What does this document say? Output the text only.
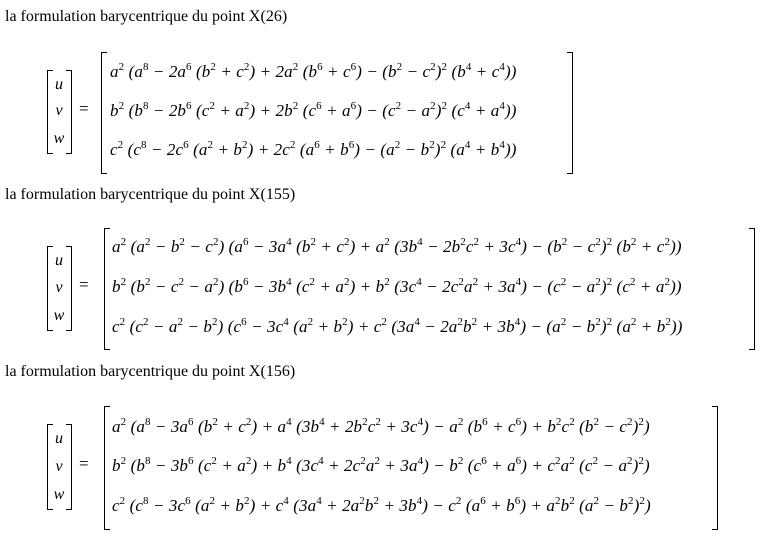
la formulation barycentrique du point X(26)
u
v
w
=
$a^2$ ($a^8 - 2a^6$ $(b^2 + c^2) + 2a^2$ $(b^6 + c^6) - (b^2 - c^2)^2$ $(b^4 + c^4)$)
$b^2$ ($b^8 - 2b^6$ $(c^2 + a^2) + 2b^2$ $(c^6 + a^6) - (c^2 - a^2)^2$ $(c^4 + a^4)$)
$c^2$ ($c^8 - 2c^6$ $(a^2 + b^2) + 2c^2$ $(a^6 + b^6) - (a^2 - b^2)^2$ $(a^4 + b^4)$)
la formulation barycentrique du point X(155)
u
v
w
=
$a^2$ $(a^2 - b^2 - c^2) (a^6 - 3a^4$ $(b^2 + c^2) + a^2$ $(3b^4 - 2b^2c^2 + 3c^4) - (b^2 - c^2)^2$ $(b^2 + c^2)$)
$b^2$ $(b^2 - c^2 - a^2) (b^6 - 3b^4$ $(c^2 + a^2) + b^2$ $(3c^4 - 2c^2a^2 + 3a^4) - (c^2 - a^2)^2$ $(c^2 + a^2)$)
$c^2$ $(c^2 - a^2 - b^2) (c^6 - 3c^4$ $(a^2 + b^2) + c^2$ $(3a^4 - 2a^2b^2 + 3b^4) - (a^2 - b^2)^2$ $(a^2 + b^2)$)
la formulation barycentrique du point X(156)
u
v
w
=
$a^2$ ($a^8 - 3a^6$ $(b^2 + c^2) + a^4$ $(3b^4 + 2b^2c^2 + 3c^4) - a^2$ $(b^6 + c^6) + b^2c^2$ $(b^2 - c^2)^2$)
$b^2$ ($b^8 - 3b^6$ $(c^2 + a^2) + b^4$ $(3c^4 + 2c^2a^2 + 3a^4) - b^2$ $(c^6 + a^6) + c^2a^2$ $(c^2 - a^2)^2$)
$c^2$ ($c^8 - 3c^6$ $(a^2 + b^2) + c^4$ $(3a^4 + 2a^2b^2 + 3b^4) - c^2$ $(a^6 + b^6) + a^2b^2$ $(a^2 - b^2)^2$)
